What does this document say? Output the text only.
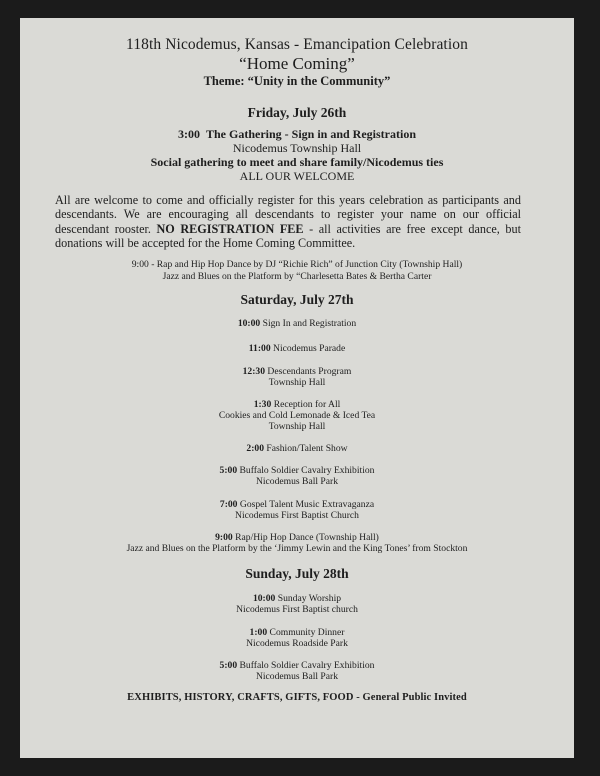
118th Nicodemus, Kansas - Emancipation Celebration
“Home Coming”
Theme: “Unity in the Community”
Friday, July 26th
3:00 The Gathering - Sign in and Registration
Nicodemus Township Hall
Social gathering to meet and share family/Nicodemus ties
ALL OUR WELCOME
All are welcome to come and officially register for this years celebration as participants and descendants. We are encouraging all descendants to register your name on our official descendant rooster. NO REGISTRATION FEE - all activities are free except dance, but donations will be accepted for the Home Coming Committee.
9:00 - Rap and Hip Hop Dance by DJ “Richie Rich” of Junction City (Township Hall)
Jazz and Blues on the Platform by “Charlesetta Bates & Bertha Carter
Saturday, July 27th
10:00 Sign In and Registration
11:00 Nicodemus Parade
12:30 Descendants Program
Township Hall
1:30 Reception for All
Cookies and Cold Lemonade & Iced Tea
Township Hall
2:00 Fashion/Talent Show
5:00 Buffalo Soldier Cavalry Exhibition
Nicodemus Ball Park
7:00 Gospel Talent Music Extravaganza
Nicodemus First Baptist Church
9:00 Rap/Hip Hop Dance (Township Hall)
Jazz and Blues on the Platform by the ‘Jimmy Lewin and the King Tones’ from Stockton
Sunday, July 28th
10:00 Sunday Worship
Nicodemus First Baptist church
1:00 Community Dinner
Nicodemus Roadside Park
5:00 Buffalo Soldier Cavalry Exhibition
Nicodemus Ball Park
EXHIBITS, HISTORY, CRAFTS, GIFTS, FOOD - General Public Invited
